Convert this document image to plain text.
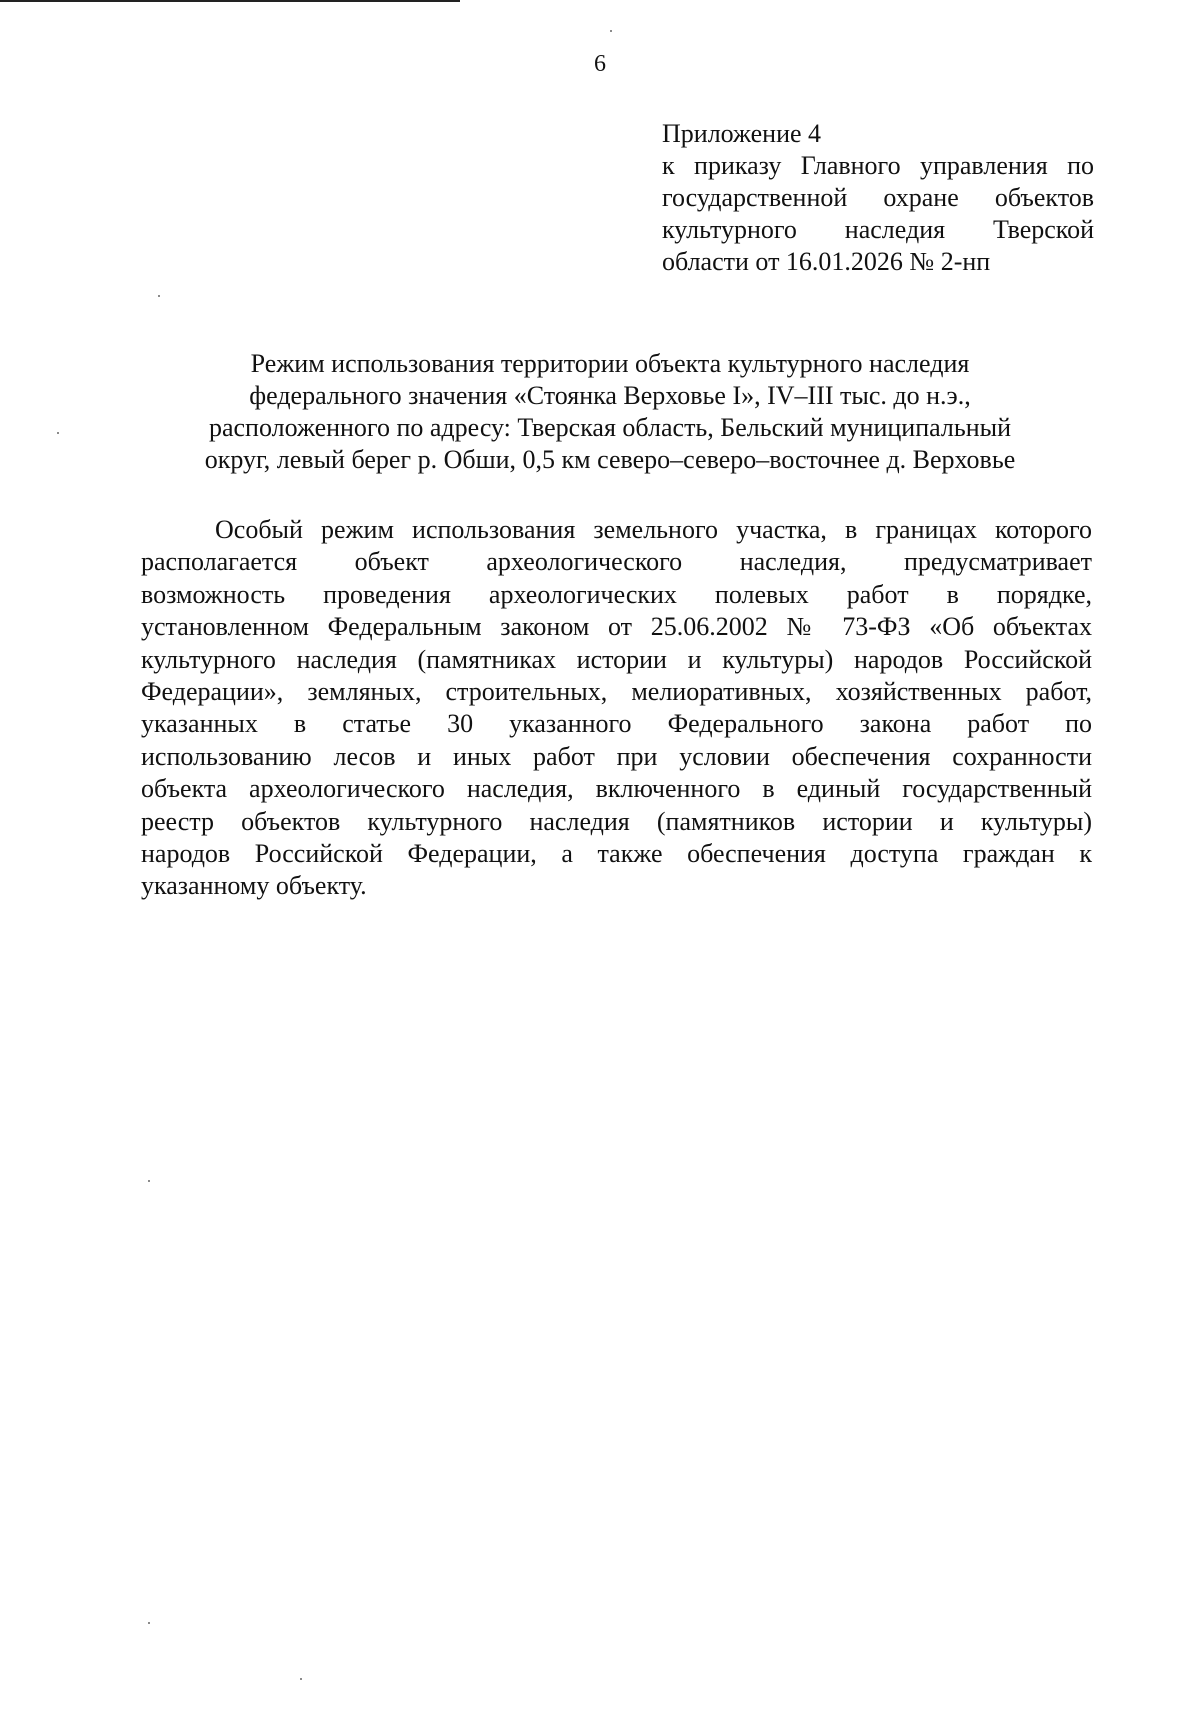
6
Приложение 4
к приказу Главного управления по
государственной охране объектов
культурного наследия Тверской
области от 16.01.2026 № 2-нп
Режим использования территории объекта культурного наследия
федерального значения «Стоянка Верховье I», IV–III тыс. до н.э.,
расположенного по адресу: Тверская область, Бельский муниципальный
округ, левый берег р. Обши, 0,5 км северо–северо–восточнее д. Верховье
Особый режим использования земельного участка, в границах которого
располагается объект археологического наследия, предусматривает
возможность проведения археологических полевых работ в порядке,
установленном Федеральным законом от 25.06.2002 № 73-ФЗ «Об объектах
культурного наследия (памятниках истории и культуры) народов Российской
Федерации», земляных, строительных, мелиоративных, хозяйственных работ,
указанных в статье 30 указанного Федерального закона работ по
использованию лесов и иных работ при условии обеспечения сохранности
объекта археологического наследия, включенного в единый государственный
реестр объектов культурного наследия (памятников истории и культуры)
народов Российской Федерации, а также обеспечения доступа граждан к
указанному объекту.
